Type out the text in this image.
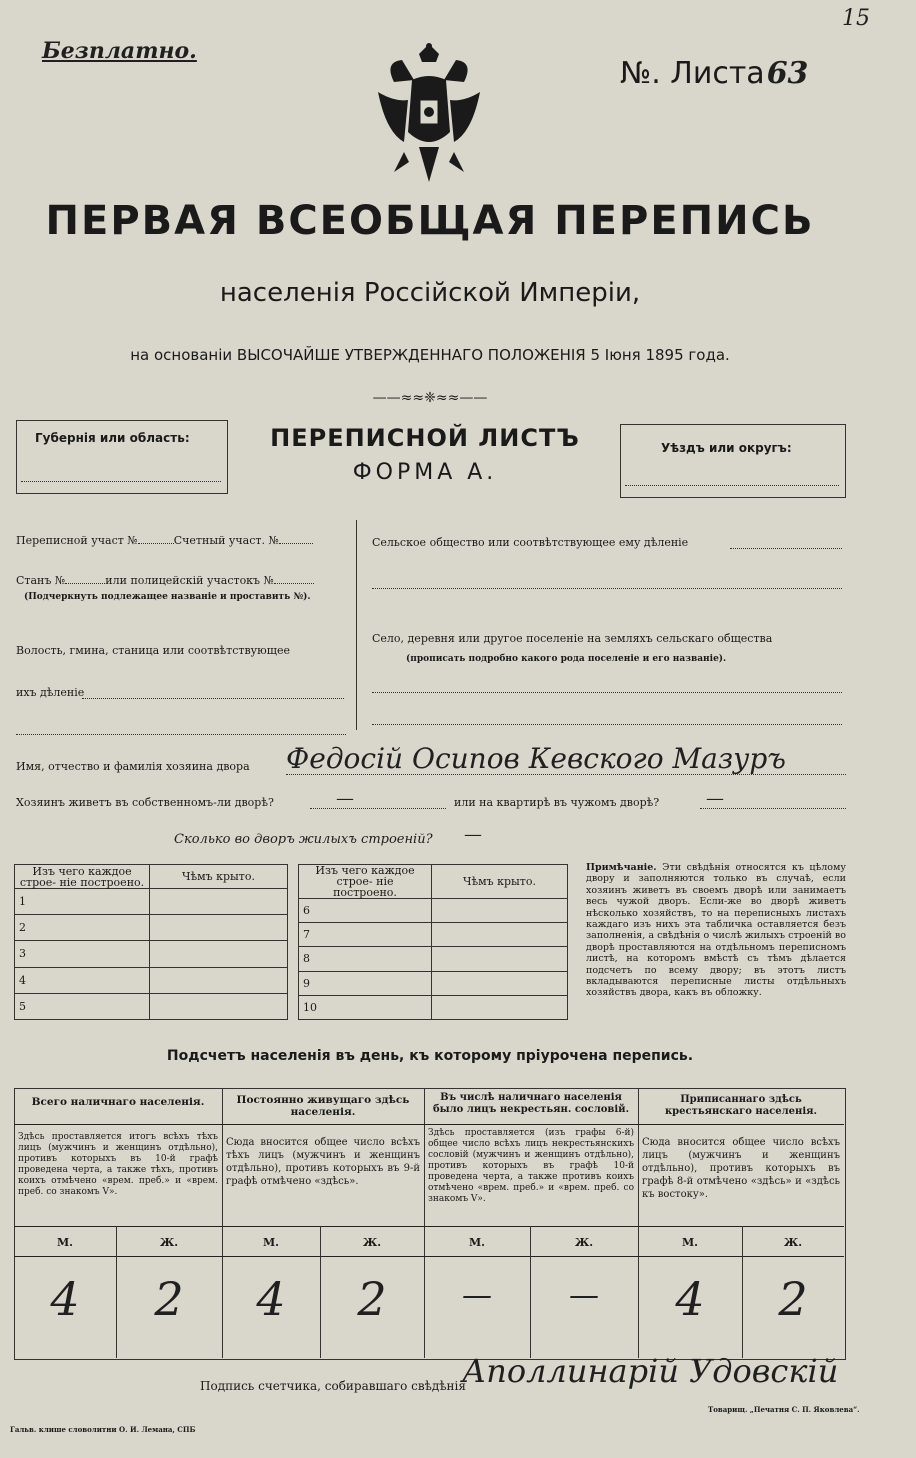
15
Безплатно.
№. Листа63
ПЕРВАЯ ВСЕОБЩАЯ ПЕРЕПИСЬ
населенія Россійской Имперіи,
на основаніи ВЫСОЧАЙШЕ УТВЕРЖДЕННАГО ПОЛОЖЕНІЯ 5 Іюня 1895 года.
——≈≈❈≈≈——
Губернія или область:	ПЕРЕПИСНОЙ ЛИСТЪ
ФОРМА А.
Уѣздъ или округъ:
Переписной участ №	Счетный участ. №
Станъ №	или полицейскій участокъ №
(Подчеркнуть подлежащее названіе и проставить №).
Волость, гмина, станица или соотвѣтствующее
ихъ дѣленіе
Сельское общество или соотвѣтствующее ему дѣленіе
Село, деревня или другое поселеніе на земляхъ сельскаго общества
(прописать подробно какого рода поселеніе и его названіе).
Имя, отчество и фамилія хозяина двора Федосій Осипов Кевского Мазуръ
Хозяинъ живетъ въ собственномъ-ли дворѣ?	—	или на квартирѣ въ чужомъ дворѣ?	—
Сколько во дворъ жилыхъ строеній? —
Изъ чего каждое строе- ніе построено.	Чѣмъ крыто.
1	
2	
3	
4	
5	
Изъ чего каждое строе- ніе построено.	Чѣмъ крыто.
6	
7	
8	
9	
10	
Примѣчаніе. Эти свѣдѣнія относятся къ цѣлому двору и заполняются только въ случаѣ, если хозяинъ живетъ въ своемъ дворѣ или занимаетъ весь чужой дворъ. Если-же во дворѣ живетъ нѣсколько хозяйствъ, то на переписныхъ листахъ каждаго изъ нихъ эта табличка оставляется безъ заполненія, а свѣдѣнія о числѣ жилыхъ строеній во дворѣ проставляются на отдѣльномъ переписномъ листѣ, на которомъ вмѣстѣ съ тѣмъ дѣлается подсчетъ по всему двору; въ этотъ листъ вкладываются переписные листы отдѣльныхъ хозяйствъ двора, какъ въ обложку.
Подсчетъ населенія въ день, къ которому пріурочена перепись.
Всего наличнаго населенія.
Здѣсь проставляется итогъ всѣхъ тѣхъ лицъ (мужчинъ и женщинъ отдѣльно), противъ которыхъ въ 10-й графѣ проведена черта, а также тѣхъ, противъ коихъ отмѣчено «врем. преб.» и «врем. преб. со знакомъ V».
М.	Ж.
4	2
Постоянно живущаго здѣсь населенія.
Сюда вносится общее число всѣхъ тѣхъ лицъ (мужчинъ и женщинъ отдѣльно), противъ которыхъ въ 9-й графѣ отмѣчено «здѣсь».
М.	Ж.
4	2
Въ числѣ наличнаго населенія было лицъ некрестьян. сословій.
Здѣсь проставляется (изъ графы 6-й) общее число всѣхъ лицъ некрестьянскихъ сословій (мужчинъ и женщинъ отдѣльно), противъ которыхъ въ графѣ 10-й проведена черта, а также противъ коихъ отмѣчено «врем. преб.» и «врем. преб. со знакомъ V».
М.	Ж.
—	—
Приписаннаго здѣсь крестьянскаго населенія.
Сюда вносится общее число всѣхъ лицъ (мужчинъ и женщинъ отдѣльно), противъ которыхъ въ графѣ 8-й отмѣчено «здѣсь» и «здѣсь къ востоку».
М.	Ж.
4	2
Подпись счетчика, собиравшаго свѣдѣнія
Аполлинарій Удовскій
Гальв. клише словолитни О. И. Лемана, СПБ
Товарищ. „Печатня С. П. Яковлева“.
